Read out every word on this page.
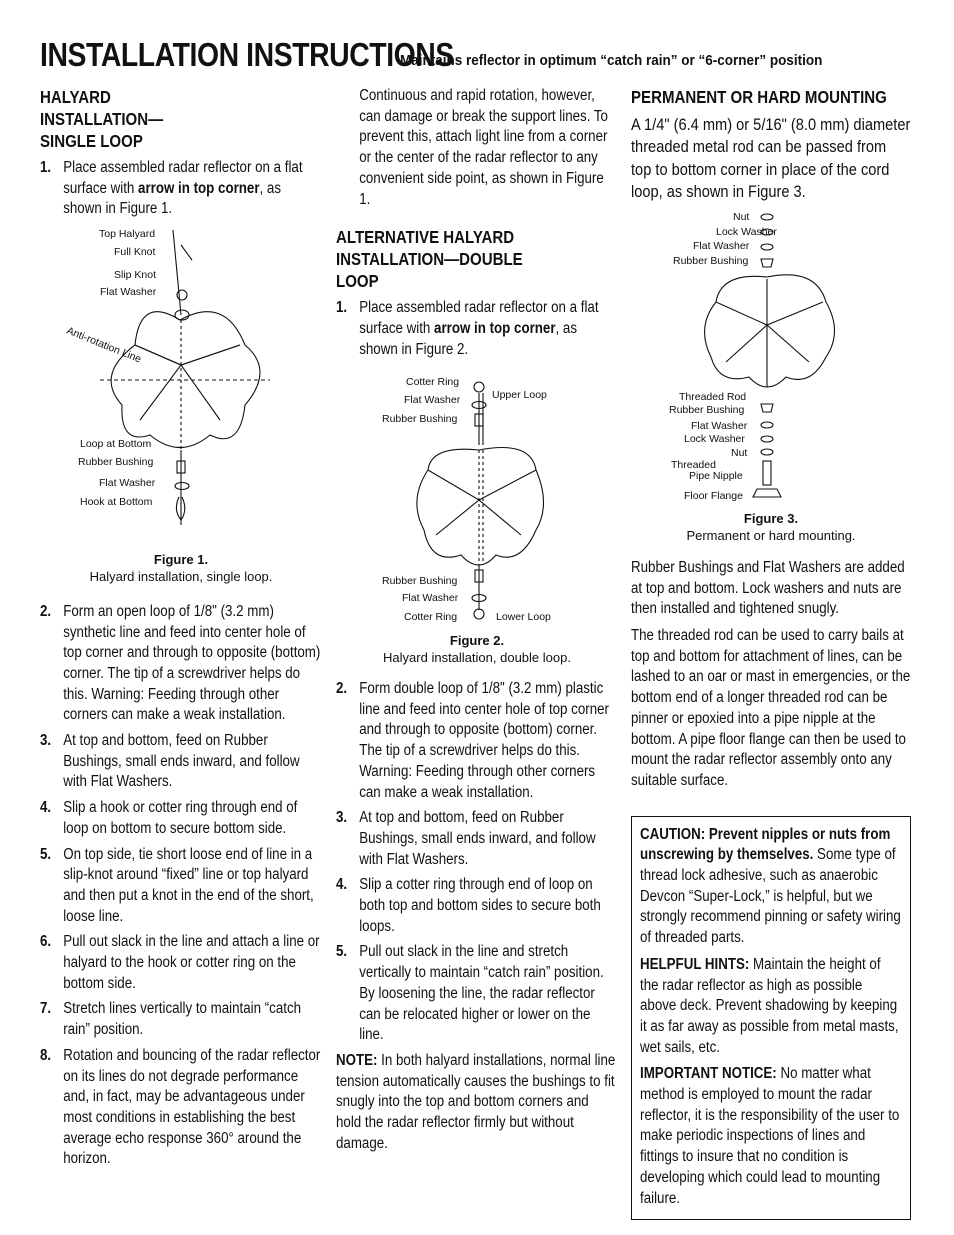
INSTALLATION INSTRUCTIONS
Maintains reflector in optimum “catch rain” or “6-corner” position
HALYARD INSTALLATION— SINGLE LOOP
1. Place assembled radar reflector on a flat surface with arrow in top corner, as shown in Figure 1.
Top Halyard
Full Knot
Slip Knot
Flat Washer
Anti-rotation Line
Loop at Bottom
Rubber Bushing
Flat Washer
Hook at Bottom
Figure 1.
Halyard installation, single loop.
2. Form an open loop of 1/8" (3.2 mm) synthetic line and feed into center hole of top corner and through to opposite (bottom) corner. The tip of a screwdriver helps do this. Warning: Feeding through other corners can make a weak installation.
3. At top and bottom, feed on Rubber Bushings, small ends inward, and follow with Flat Washers.
4. Slip a hook or cotter ring through end of loop on bottom to secure bottom side.
5. On top side, tie short loose end of line in a slip-knot around “fixed” line or top halyard and then put a knot in the end of the short, loose line.
6. Pull out slack in the line and attach a line or halyard to the hook or cotter ring on the bottom side.
7. Stretch lines vertically to maintain “catch rain” position.
8. Rotation and bouncing of the radar reflector on its lines do not degrade performance and, in fact, may be advantageous under most conditions in establishing the best average echo response 360° around the horizon.

Continuous and rapid rotation, however, can damage or break the support lines. To prevent this, attach light line from a corner or the center of the radar reflector to any convenient side point, as shown in Figure 1.

ALTERNATIVE HALYARD INSTALLATION—DOUBLE LOOP
1. Place assembled radar reflector on a flat surface with arrow in top corner, as shown in Figure 2.
Cotter Ring
Upper Loop
Flat Washer
Rubber Bushing
Rubber Bushing
Flat Washer
Cotter Ring	Lower Loop
Figure 2.
Halyard installation, double loop.
2. Form double loop of 1/8" (3.2 mm) plastic line and feed into center hole of top corner and through to opposite (bottom) corner. The tip of a screwdriver helps do this. Warning: Feeding through other corners can make a weak installation.
3. At top and bottom, feed on Rubber Bushings, small ends inward, and follow with Flat Washers.
4. Slip a cotter ring through end of loop on both top and bottom sides to secure both loops.
5. Pull out slack in the line and stretch vertically to maintain “catch rain” position. By loosening the line, the radar reflector can be relocated higher or lower on the line.

NOTE: In both halyard installations, normal line tension automatically causes the bushings to fit snugly into the top and bottom corners and hold the radar reflector firmly but without damage.

PERMANENT OR HARD MOUNTING

A 1/4" (6.4 mm) or 5/16" (8.0 mm) diameter threaded metal rod can be passed from top to bottom corner in place of the cord loop, as shown in Figure 3.

Nut
Lock Washer
Flat Washer
Rubber Bushing
Threaded Rod
Rubber Bushing
Flat Washer
Lock Washer
Nut
Threaded
Pipe Nipple
Floor Flange
Figure 3.
Permanent or hard mounting.

Rubber Bushings and Flat Washers are added at top and bottom. Lock washers and nuts are then installed and tightened snugly.

The threaded rod can be used to carry bails at top and bottom for attachment of lines, can be lashed to an oar or mast in emergencies, or the bottom end of a longer threaded rod can be pinner or epoxied into a pipe nipple at the bottom. A pipe floor flange can then be used to mount the radar reflector assembly onto any suitable surface.

CAUTION: Prevent nipples or nuts from unscrewing by themselves. Some type of thread lock adhesive, such as anaerobic Devcon “Super-Lock,” is helpful, but we strongly recommend pinning or safety wiring of threaded parts.

HELPFUL HINTS: Maintain the height of the radar reflector as high as possible above deck. Prevent shadowing by keeping it as far away as possible from metal masts, wet sails, etc.

IMPORTANT NOTICE: No matter what method is employed to mount the radar reflector, it is the responsibility of the user to make periodic inspections of lines and fittings to insure that no condition is developing which could lead to mounting failure.
